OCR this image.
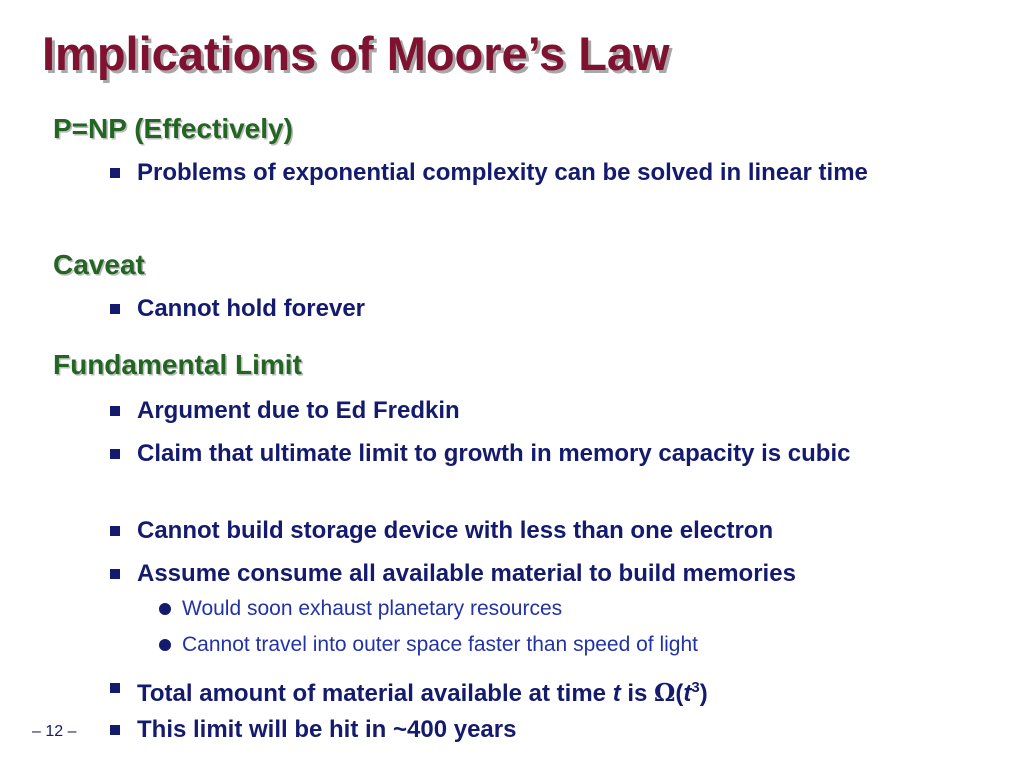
Implications of Moore’s Law
P=NP (Effectively)
Problems of exponential complexity can be solved in linear time
Caveat
Cannot hold forever
Fundamental Limit
Argument due to Ed Fredkin
Claim that ultimate limit to growth in memory capacity is cubic
Cannot build storage device with less than one electron
Assume consume all available material to build memories
Would soon exhaust planetary resources
Cannot travel into outer space faster than speed of light
Total amount of material available at time t is $\Omega(t^3)$
This limit will be hit in ~400 years
– 12 –
